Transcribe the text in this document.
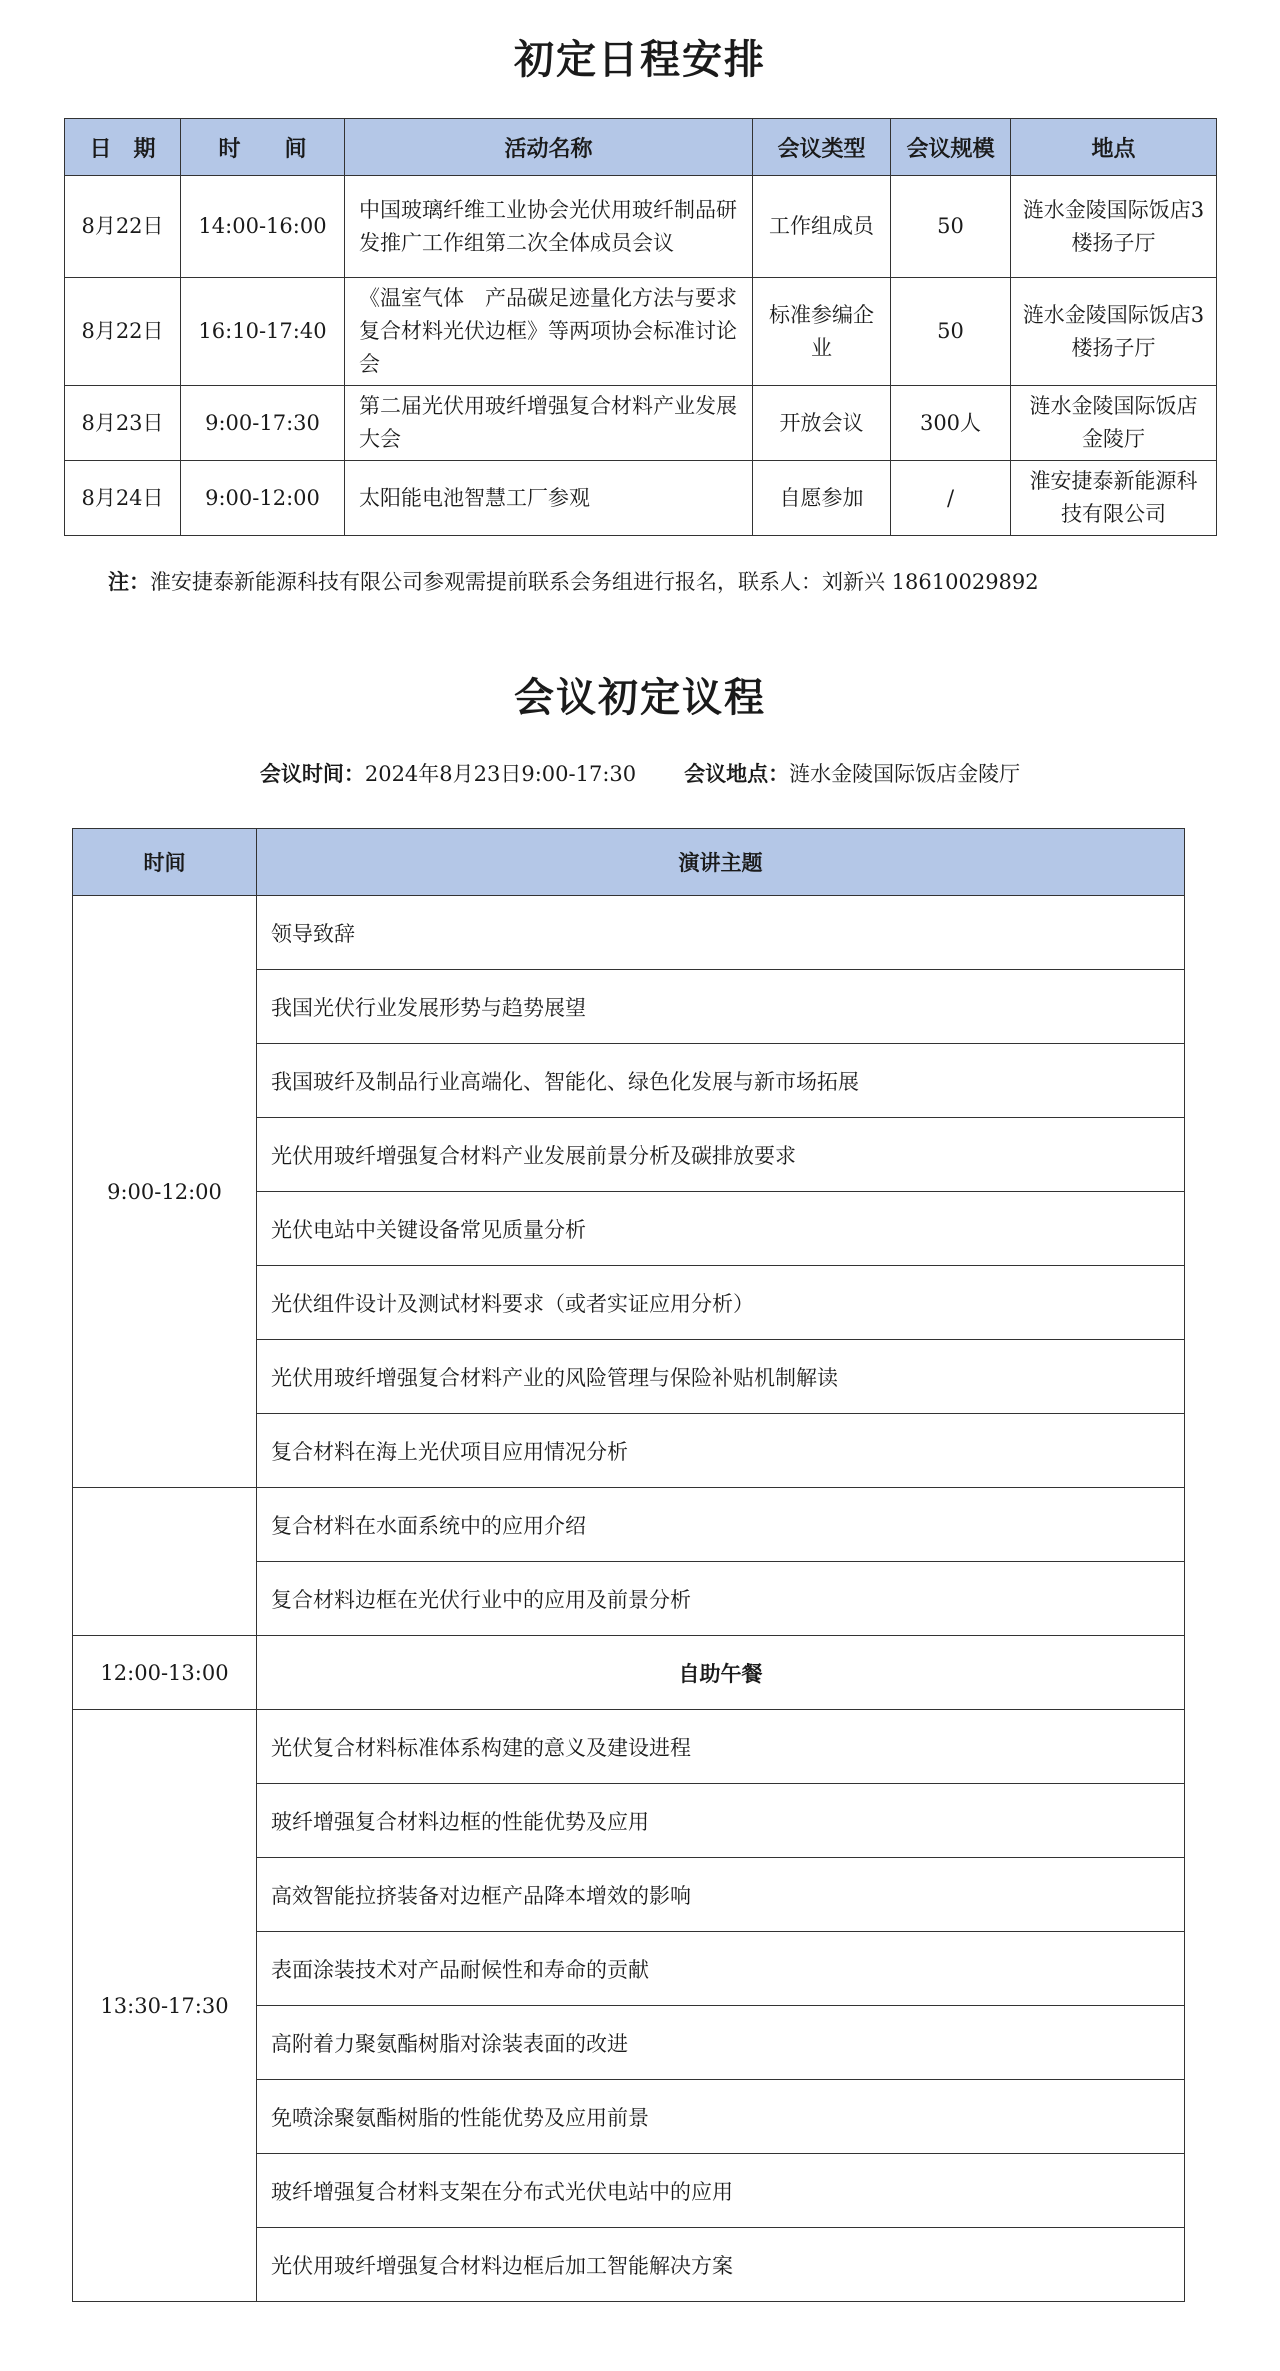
初定日程安排
日　期	时　　间	活动名称	会议类型	会议规模	地点
8月22日	14:00-16:00	中国玻璃纤维工业协会光伏用玻纤制品研发推广工作组第二次全体成员会议	工作组成员	50	涟水金陵国际饭店3楼扬子厅
8月22日	16:10-17:40	《温室气体　产品碳足迹量化方法与要求　复合材料光伏边框》等两项协会标准讨论会	标准参编企业	50	涟水金陵国际饭店3楼扬子厅
8月23日	9:00-17:30	第二届光伏用玻纤增强复合材料产业发展大会	开放会议	300人	涟水金陵国际饭店金陵厅
8月24日	9:00-12:00	太阳能电池智慧工厂参观	自愿参加	/	淮安捷泰新能源科技有限公司
注：淮安捷泰新能源科技有限公司参观需提前联系会务组进行报名，联系人：刘新兴 18610029892
会议初定议程
会议时间：2024年8月23日9:00-17:30 会议地点：涟水金陵国际饭店金陵厅
时间	演讲主题
9:00-12:00	领导致辞
	我国光伏行业发展形势与趋势展望
	我国玻纤及制品行业高端化、智能化、绿色化发展与新市场拓展
	光伏用玻纤增强复合材料产业发展前景分析及碳排放要求
	光伏电站中关键设备常见质量分析
	光伏组件设计及测试材料要求（或者实证应用分析）
	光伏用玻纤增强复合材料产业的风险管理与保险补贴机制解读
	复合材料在海上光伏项目应用情况分析
	复合材料在水面系统中的应用介绍
	复合材料边框在光伏行业中的应用及前景分析
12:00-13:00	自助午餐
13:30-17:30	光伏复合材料标准体系构建的意义及建设进程
	玻纤增强复合材料边框的性能优势及应用
	高效智能拉挤装备对边框产品降本增效的影响
	表面涂装技术对产品耐候性和寿命的贡献
	高附着力聚氨酯树脂对涂装表面的改进
	免喷涂聚氨酯树脂的性能优势及应用前景
	玻纤增强复合材料支架在分布式光伏电站中的应用
	光伏用玻纤增强复合材料边框后加工智能解决方案
